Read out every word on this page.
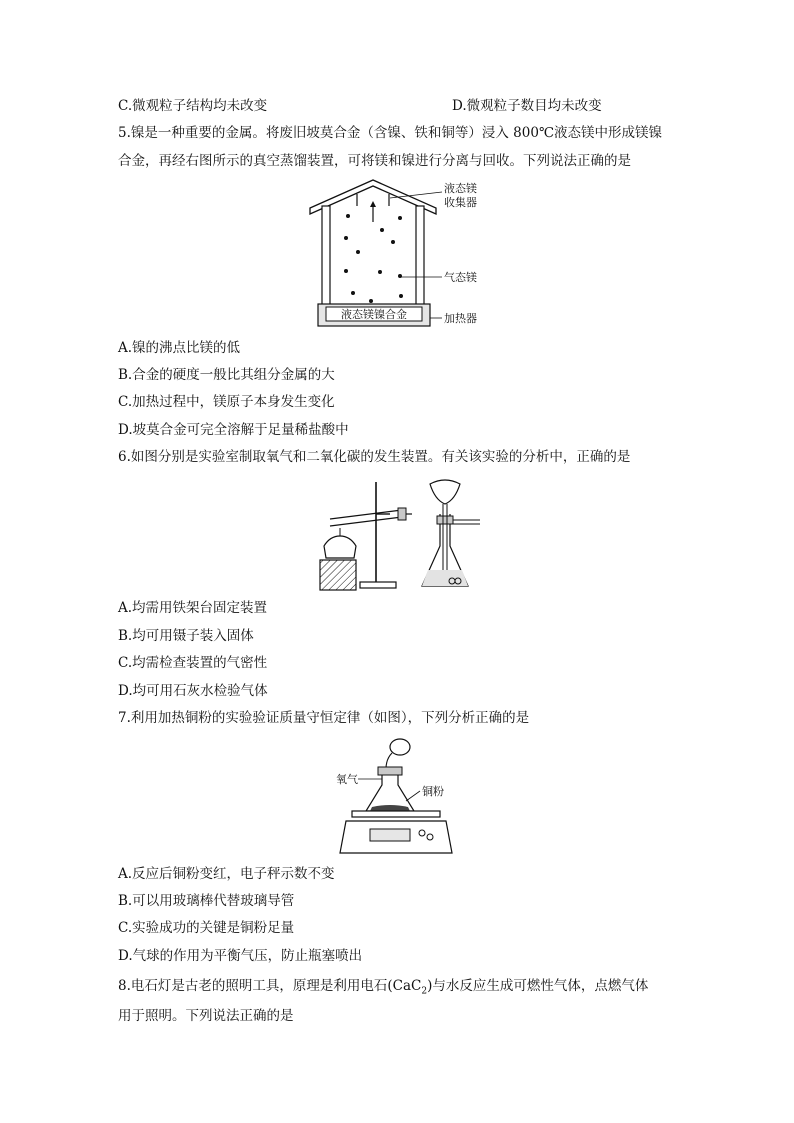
C.微观粒子结构均未改变	D.微观粒子数目均未改变
5.镍是一种重要的金属。将废旧坡莫合金（含镍、铁和铜等）浸入 800℃液态镁中形成镁镍
合金，再经右图所示的真空蒸馏装置，可将镁和镍进行分离与回收。下列说法正确的是
液态镁镍合金
液态镁
收集器
气态镁
加热器
A.镍的沸点比镁的低
B.合金的硬度一般比其组分金属的大
C.加热过程中，镁原子本身发生变化
D.坡莫合金可完全溶解于足量稀盐酸中
6.如图分别是实验室制取氧气和二氧化碳的发生装置。有关该实验的分析中，正确的是
A.均需用铁架台固定装置
B.均可用镊子装入固体
C.均需检查装置的气密性
D.均可用石灰水检验气体
7.利用加热铜粉的实验验证质量守恒定律（如图），下列分析正确的是
氧气
铜粉
A.反应后铜粉变红，电子秤示数不变
B.可以用玻璃棒代替玻璃导管
C.实验成功的关键是铜粉足量
D.气球的作用为平衡气压，防止瓶塞喷出
8.电石灯是古老的照明工具，原理是利用电石(CaC$_2$)与水反应生成可燃性气体，点燃气体
用于照明。下列说法正确的是
